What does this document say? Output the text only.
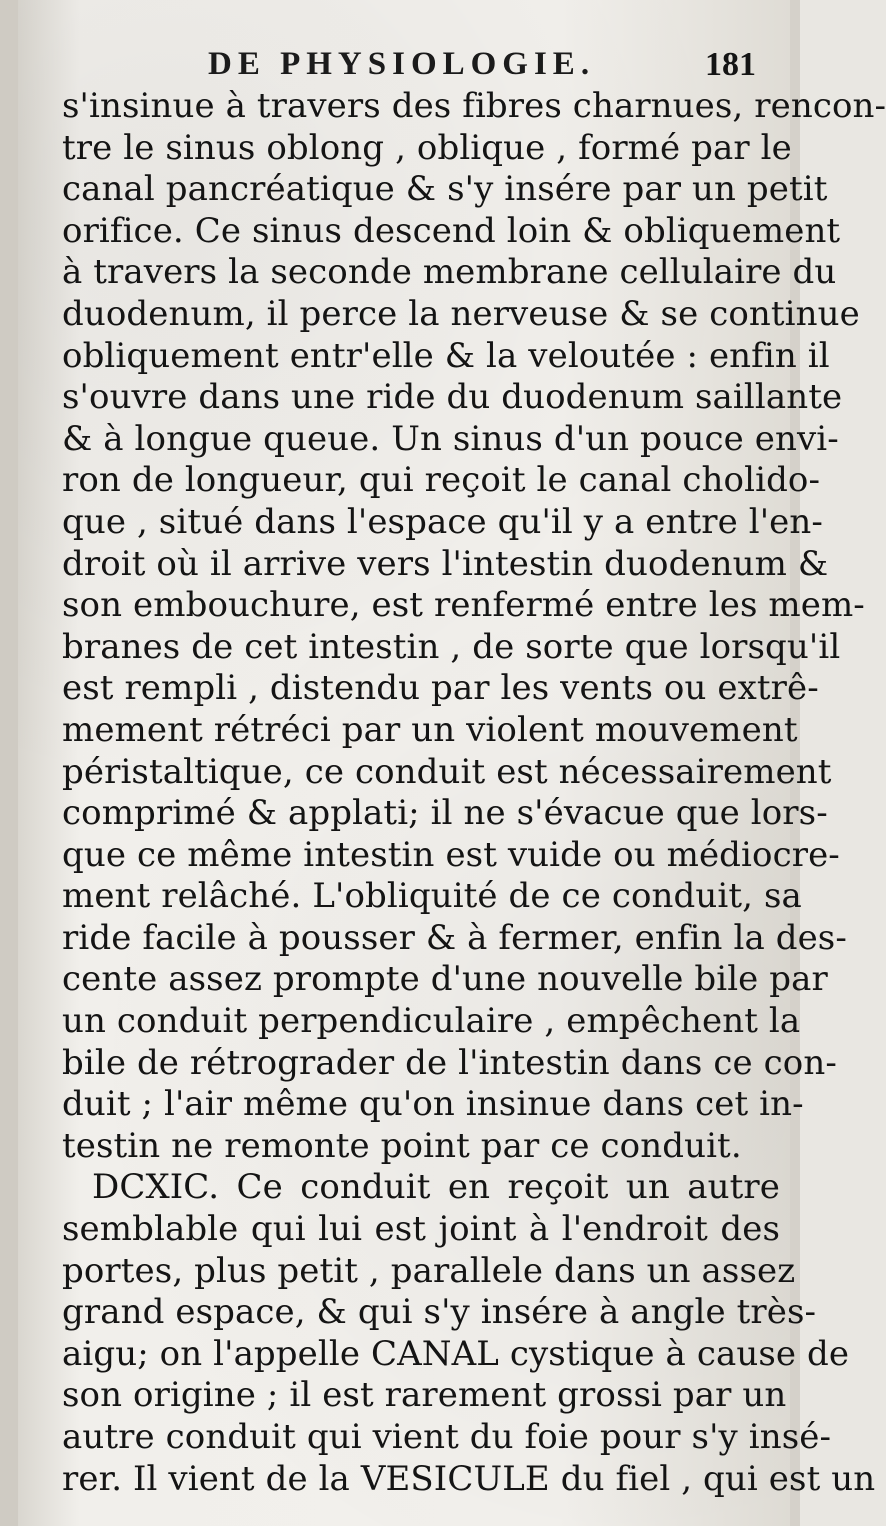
DE PHYSIOLOGIE.	181
s'insinue à travers des fibres charnues, rencon-
tre le sinus oblong , oblique , formé par le
canal pancréatique & s'y insére par un petit
orifice. Ce sinus descend loin & obliquement
à travers la seconde membrane cellulaire du
duodenum, il perce la nerveuse & se continue
obliquement entr'elle & la veloutée : enfin il
s'ouvre dans une ride du duodenum saillante
& à longue queue. Un sinus d'un pouce envi-
ron de longueur, qui reçoit le canal cholido-
que , situé dans l'espace qu'il y a entre l'en-
droit où il arrive vers l'intestin duodenum &
son embouchure, est renfermé entre les mem-
branes de cet intestin , de sorte que lorsqu'il
est rempli , distendu par les vents ou extrê-
mement rétréci par un violent mouvement
péristaltique, ce conduit est nécessairement
comprimé & applati; il ne s'évacue que lors-
que ce même intestin est vuide ou médiocre-
ment relâché. L'obliquité de ce conduit, sa
ride facile à pousser & à fermer, enfin la des-
cente assez prompte d'une nouvelle bile par
un conduit perpendiculaire , empêchent la
bile de rétrograder de l'intestin dans ce con-
duit ; l'air même qu'on insinue dans cet in-
testin ne remonte point par ce conduit.
DCXIC. Ce conduit en reçoit un autre
semblable qui lui est joint à l'endroit des
portes, plus petit , parallele dans un assez
grand espace, & qui s'y insére à angle très-
aigu; on l'appelle CANAL cystique à cause de
son origine ; il est rarement grossi par un
autre conduit qui vient du foie pour s'y insé-
rer. Il vient de la VESICULE du fiel , qui est un
